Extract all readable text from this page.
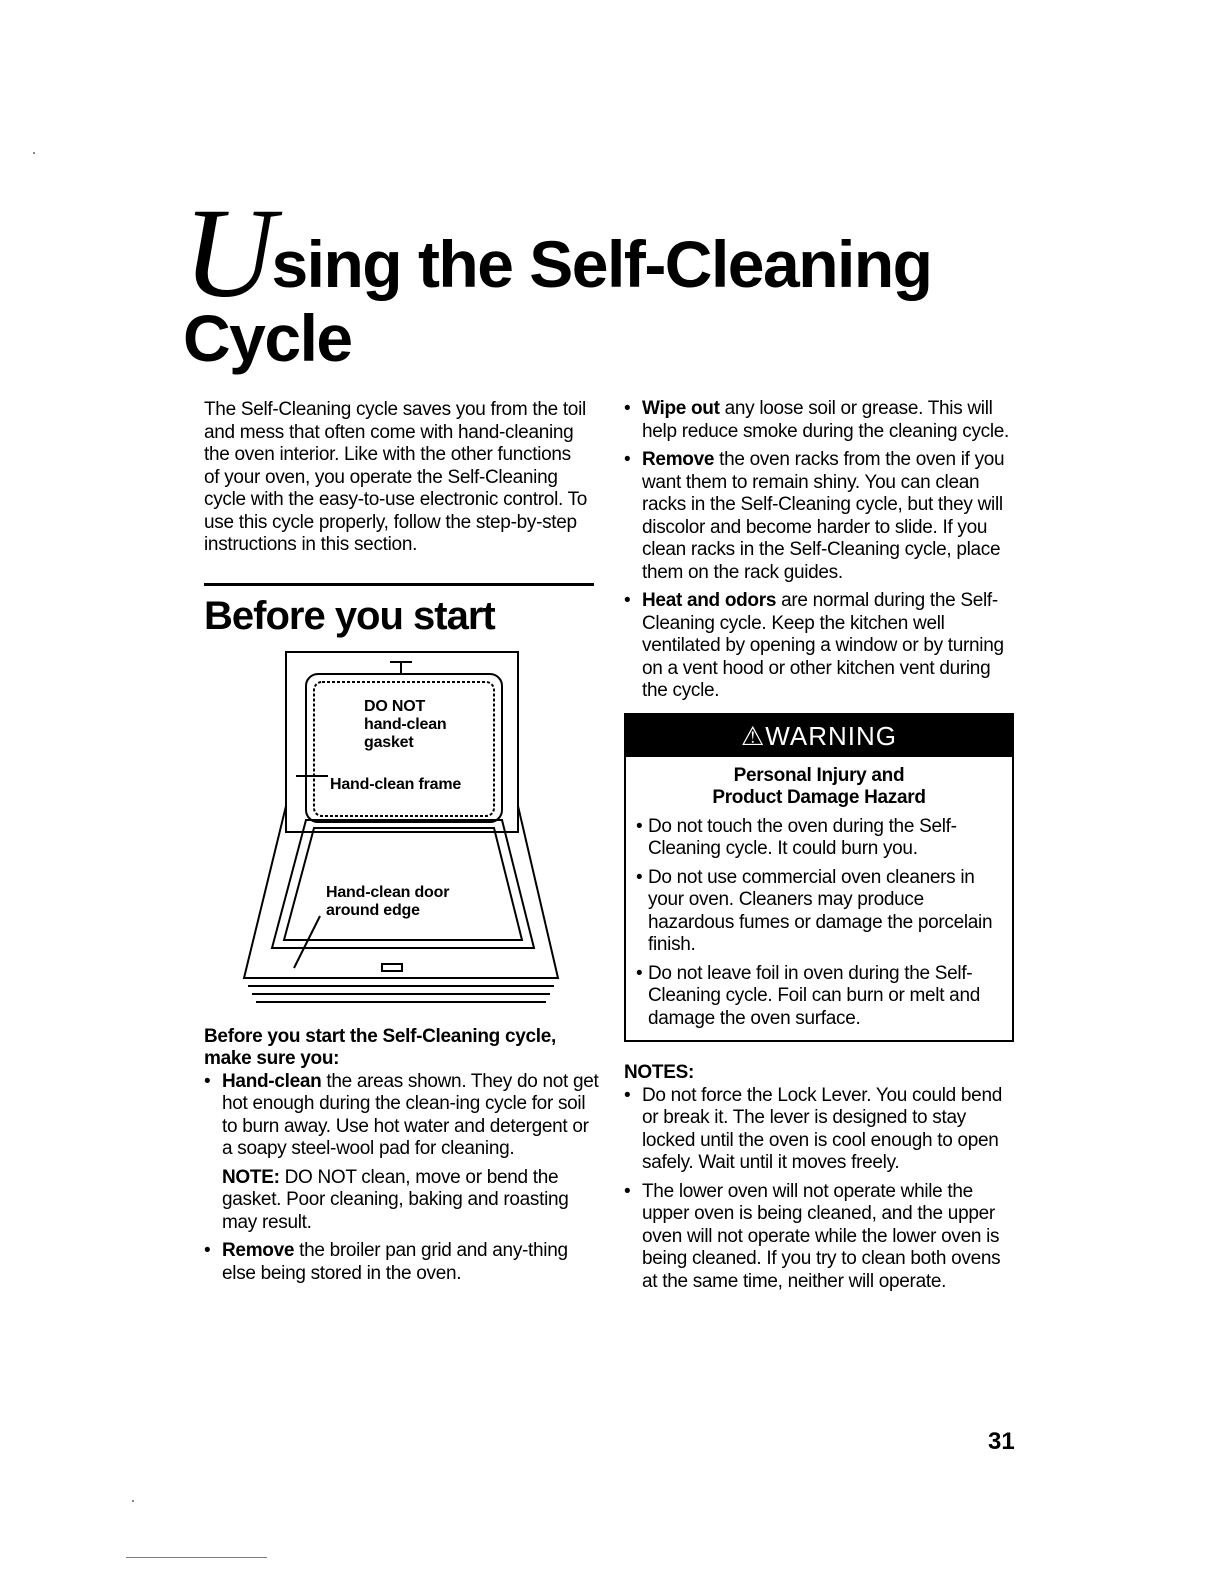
U sing the Self-Cleaning
Cycle

The Self-Cleaning cycle saves you from the toil and mess that often come with hand-cleaning the oven interior. Like with the other functions of your oven, you operate the Self-Cleaning cycle with the easy-to-use electronic control. To use this cycle properly, follow the step-by-step instructions in this section.

Before you start
DO NOT
hand-clean
gasket
Hand-clean frame
Hand-clean door
around edge

Before you start the Self-Cleaning cycle, make sure you:

• Hand-clean the areas shown. They do not get hot enough during the clean-ing cycle for soil to burn away. Use hot water and detergent or a soapy steel-wool pad for cleaning.

NOTE: DO NOT clean, move or bend the gasket. Poor cleaning, baking and roasting may result.

• Remove the broiler pan grid and any-thing else being stored in the oven.
• Wipe out any loose soil or grease. This will help reduce smoke during the cleaning cycle.
• Remove the oven racks from the oven if you want them to remain shiny. You can clean racks in the Self-Cleaning cycle, but they will discolor and become harder to slide. If you clean racks in the Self-Cleaning cycle, place them on the rack guides.
• Heat and odors are normal during the Self-Cleaning cycle. Keep the kitchen well ventilated by opening a window or by turning on a vent hood or other kitchen vent during the cycle.
⚠WARNING
Personal Injury and
Product Damage Hazard
• Do not touch the oven during the Self-Cleaning cycle. It could burn you.
• Do not use commercial oven cleaners in your oven. Cleaners may produce hazardous fumes or damage the porcelain finish.
• Do not leave foil in oven during the Self-Cleaning cycle. Foil can burn or melt and damage the oven surface.
NOTES:
• Do not force the Lock Lever. You could bend or break it. The lever is designed to stay locked until the oven is cool enough to open safely. Wait until it moves freely.
• The lower oven will not operate while the upper oven is being cleaned, and the upper oven will not operate while the lower oven is being cleaned. If you try to clean both ovens at the same time, neither will operate.
31
